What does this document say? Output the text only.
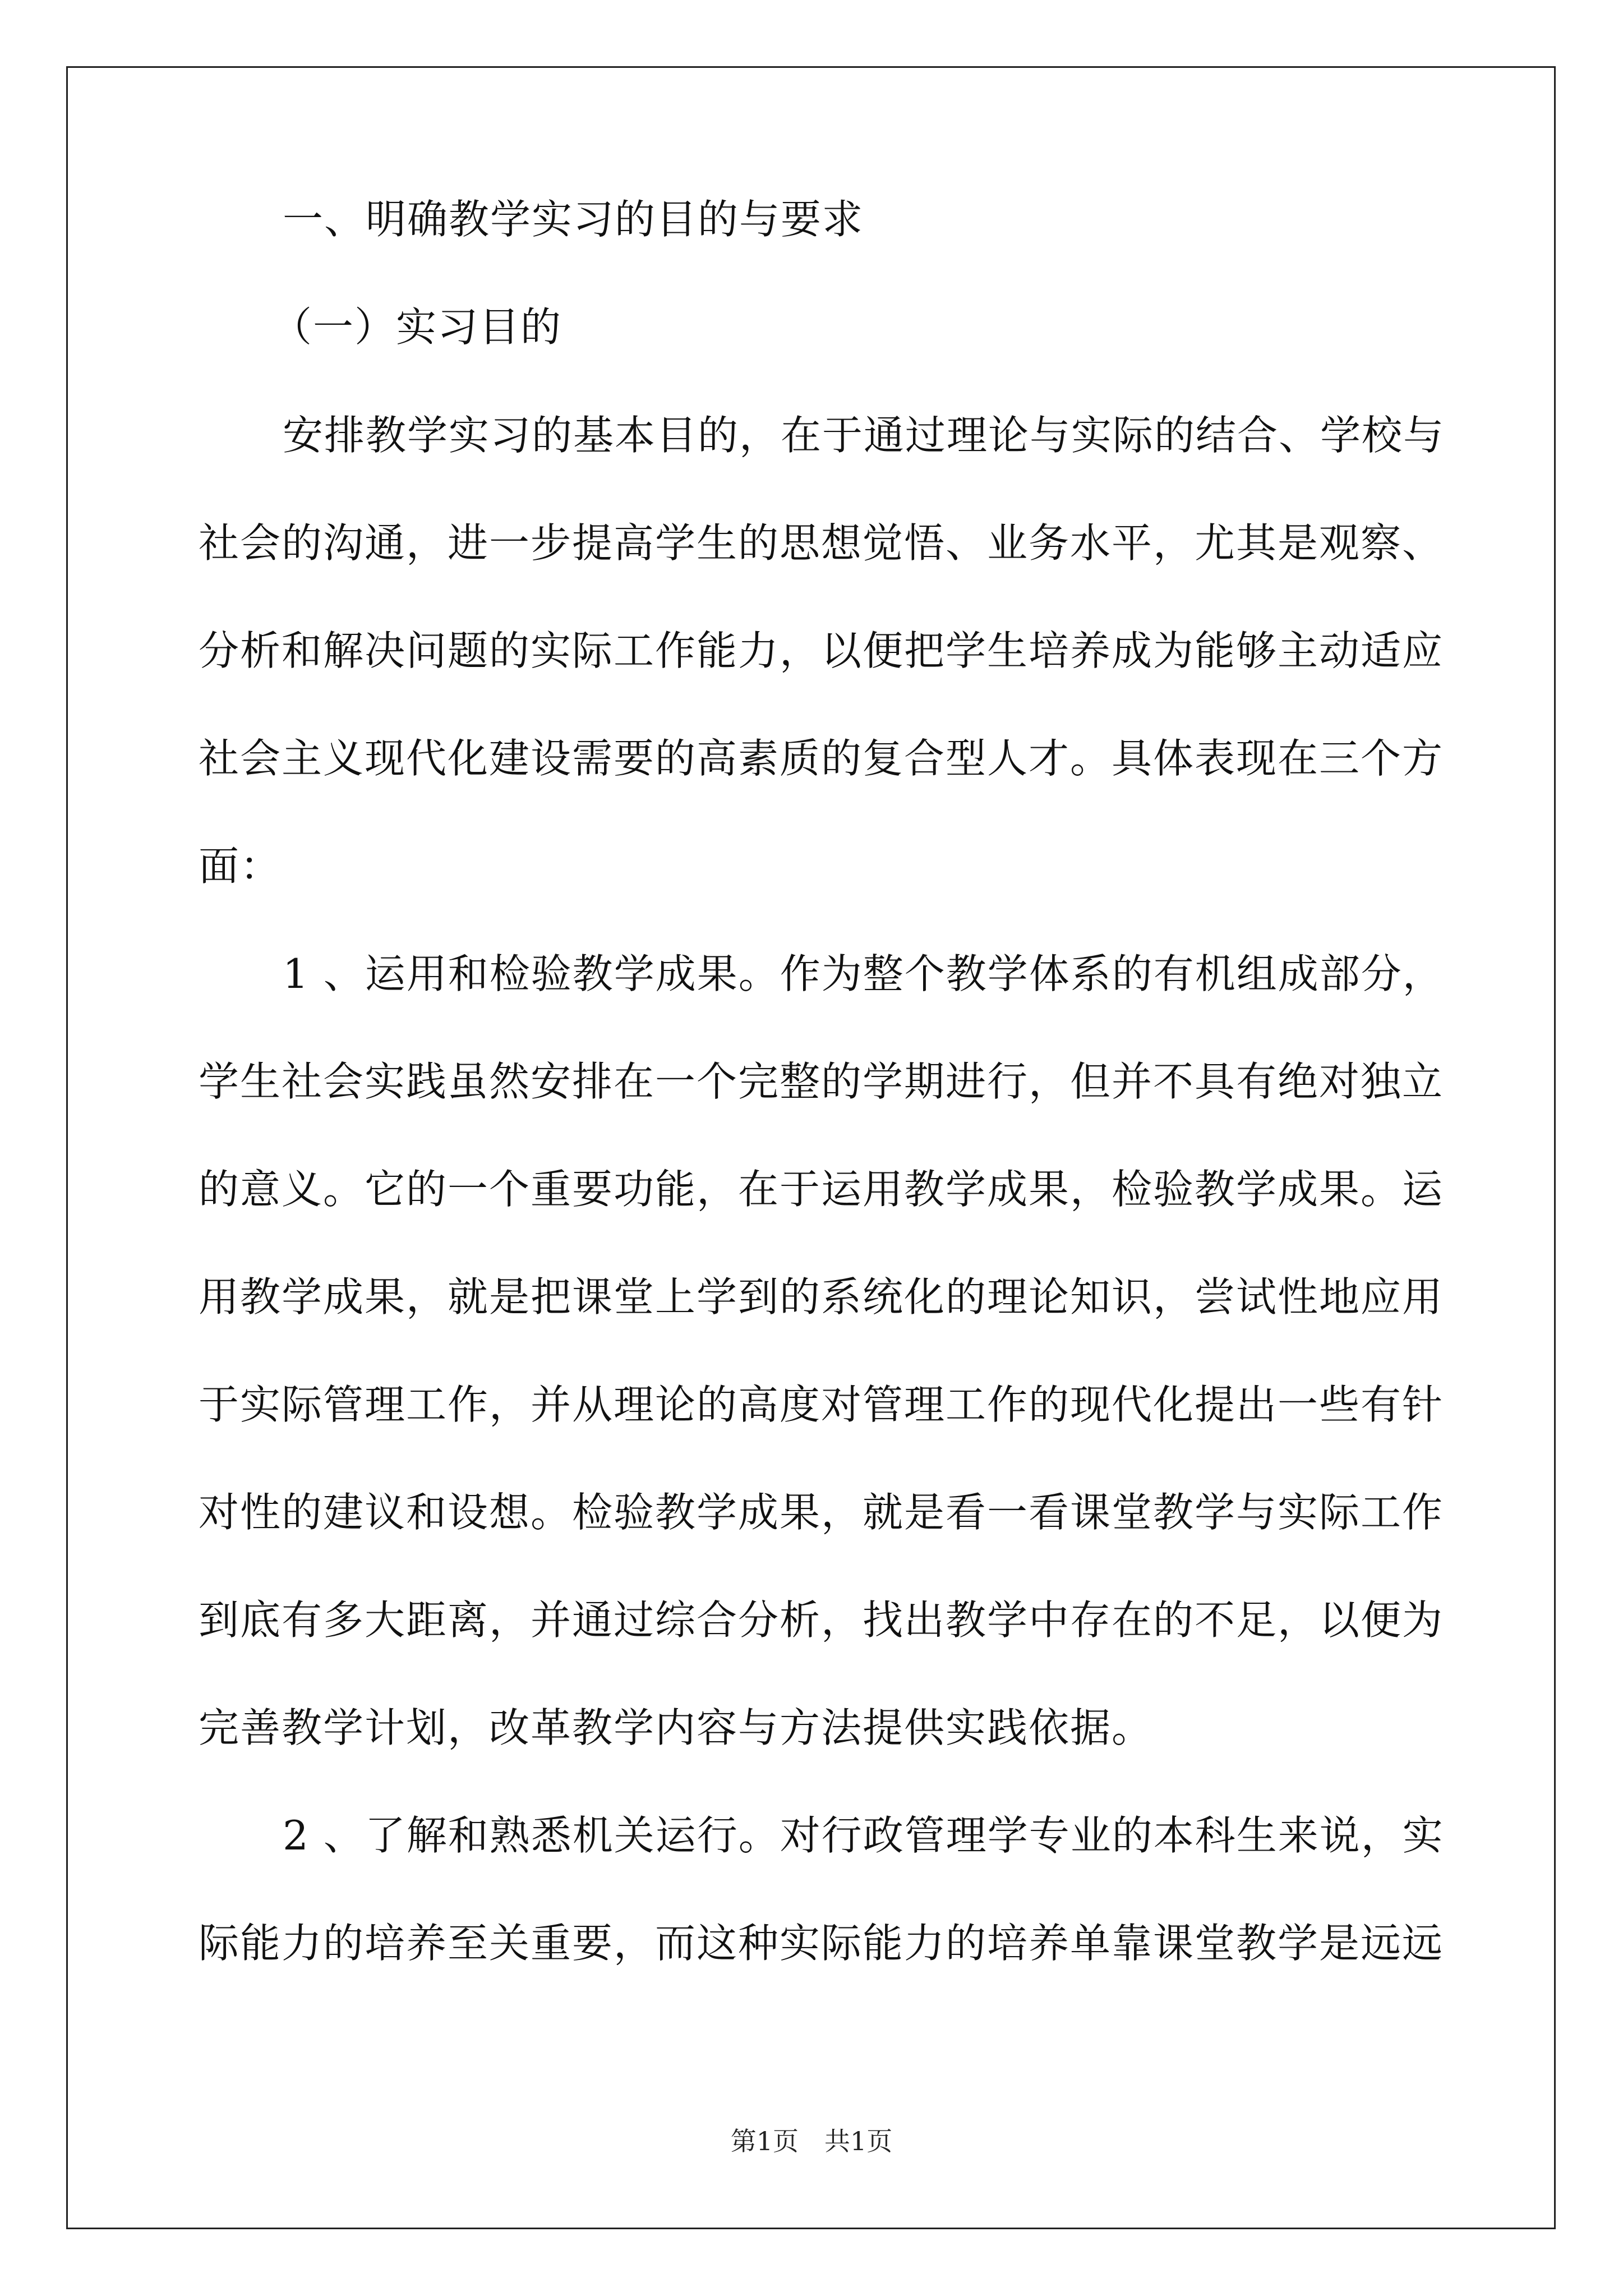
一、明确教学实习的目的与要求
（一）实习目的
安排教学实习的基本目的，在于通过理论与实际的结合、学校与
社会的沟通，进一步提高学生的思想觉悟、业务水平，尤其是观察、
分析和解决问题的实际工作能力，以便把学生培养成为能够主动适应
社会主义现代化建设需要的高素质的复合型人才。具体表现在三个方
面：
1 、运用和检验教学成果。作为整个教学体系的有机组成部分，
学生社会实践虽然安排在一个完整的学期进行，但并不具有绝对独立
的意义。它的一个重要功能，在于运用教学成果，检验教学成果。运
用教学成果，就是把课堂上学到的系统化的理论知识，尝试性地应用
于实际管理工作，并从理论的高度对管理工作的现代化提出一些有针
对性的建议和设想。检验教学成果，就是看一看课堂教学与实际工作
到底有多大距离，并通过综合分析，找出教学中存在的不足，以便为
完善教学计划，改革教学内容与方法提供实践依据。
2 、了解和熟悉机关运行。对行政管理学专业的本科生来说，实
际能力的培养至关重要，而这种实际能力的培养单靠课堂教学是远远
第1页　共1页
